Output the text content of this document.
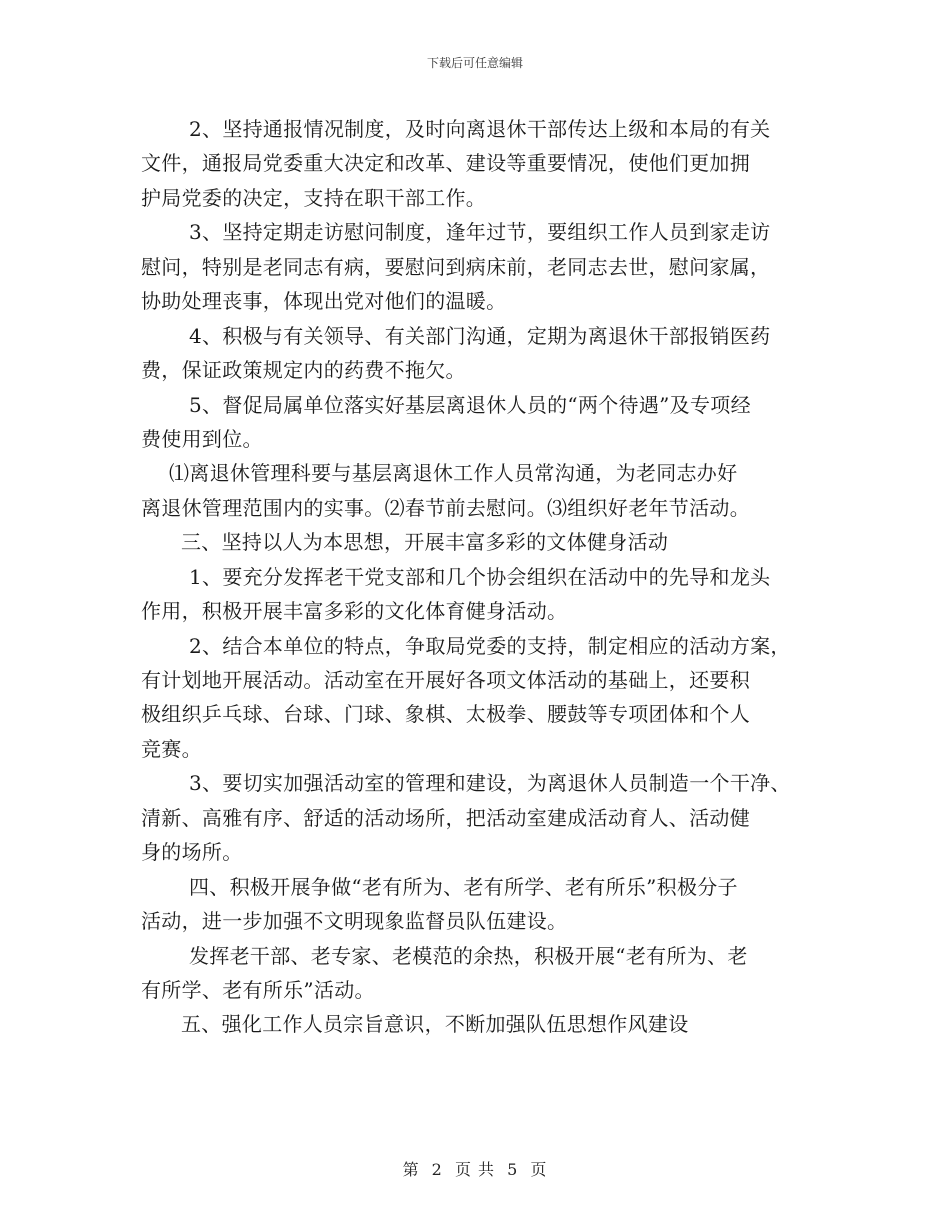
下载后可任意编辑
2、坚持通报情况制度，及时向离退休干部传达上级和本局的有关
文件，通报局党委重大决定和改革、建设等重要情况，使他们更加拥
护局党委的决定，支持在职干部工作。
3、坚持定期走访慰问制度，逢年过节，要组织工作人员到家走访
慰问，特别是老同志有病，要慰问到病床前，老同志去世，慰问家属，
协助处理丧事，体现出党对他们的温暖。
4、积极与有关领导、有关部门沟通，定期为离退休干部报销医药
费，保证政策规定内的药费不拖欠。
5、督促局属单位落实好基层离退休人员的“两个待遇”及专项经
费使用到位。
⑴离退休管理科要与基层离退休工作人员常沟通，为老同志办好
离退休管理范围内的实事。⑵春节前去慰问。⑶组织好老年节活动。
三、坚持以人为本思想，开展丰富多彩的文体健身活动
1、要充分发挥老干党支部和几个协会组织在活动中的先导和龙头
作用，积极开展丰富多彩的文化体育健身活动。
2、结合本单位的特点，争取局党委的支持，制定相应的活动方案，
有计划地开展活动。活动室在开展好各项文体活动的基础上，还要积
极组织乒乓球、台球、门球、象棋、太极拳、腰鼓等专项团体和个人
竞赛。
3、要切实加强活动室的管理和建设，为离退休人员制造一个干净、
清新、高雅有序、舒适的活动场所，把活动室建成活动育人、活动健
身的场所。
四、积极开展争做“老有所为、老有所学、老有所乐”积极分子
活动，进一步加强不文明现象监督员队伍建设。
发挥老干部、老专家、老模范的余热，积极开展“老有所为、老
有所学、老有所乐”活动。
五、强化工作人员宗旨意识，不断加强队伍思想作风建设
第 2 页 共 5 页
